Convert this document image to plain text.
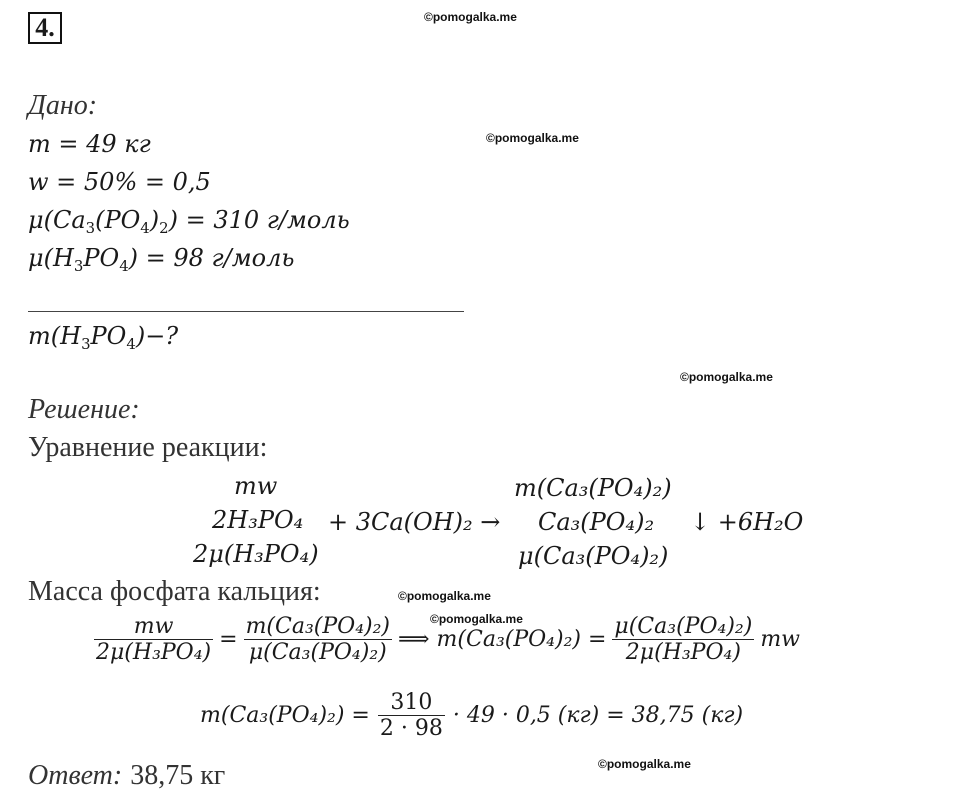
4.	©pomogalka.me
©pomogalka.me
©pomogalka.me
©pomogalka.me
©pomogalka.me
©pomogalka.me
Дано:
m = 49 кг
w = 50% = 0,5
$\mu(Ca_3(PO_4)_2) = 310$ г/моль
$\mu(H_3PO_4) = 98$ г/моль
$m(H_3PO_4)-$?
Решение:
Уравнение реакции:
mw
2H₃PO₄
2μ(H₃PO₄)
+ 3Ca(OH)₂ →
m(Ca₃(PO₄)₂)
Ca₃(PO₄)₂
μ(Ca₃(PO₄)₂)
↓ +6H₂O
Масса фосфата кальция:
$\frac{mw}{\text{2μ(H₃PO₄)}} = \frac{\text{m(Ca₃(PO₄)₂)}}{\text{μ(Ca₃(PO₄)₂)}}$ ⟹ $m(Ca_3(PO_4)_2) = \frac{\text{μ(Ca₃(PO₄)₂)}}{\text{2μ(H₃PO₄)}}$ mw
$m(Ca_3(PO_4)_2) = \frac{310}{2 \cdot 98} \cdot 49 \cdot 0,5$ (кг) = 38,75 (кг)
Ответ: 38,75 кг
